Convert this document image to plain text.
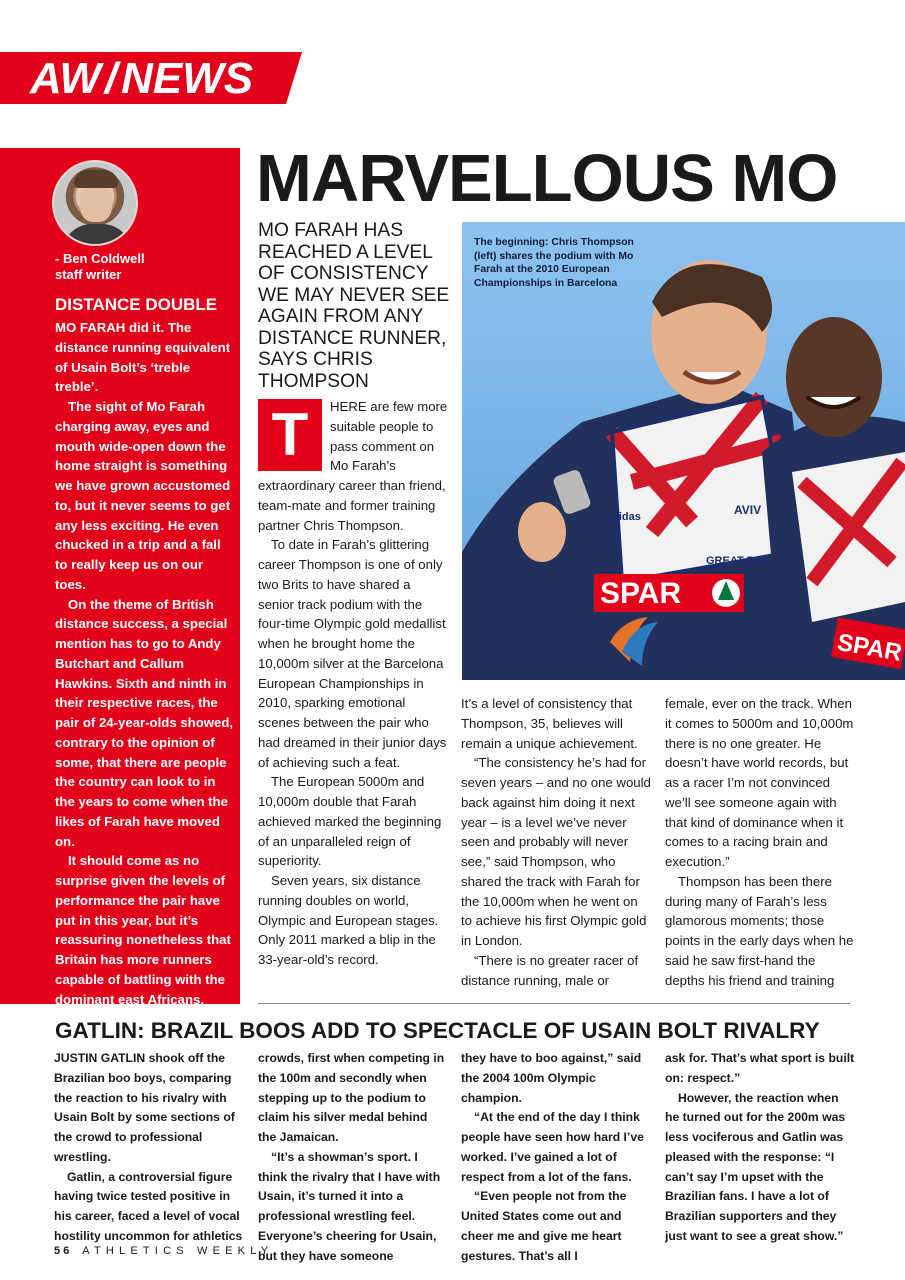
AW/NEWS
- Ben Coldwell
staff writer
DISTANCE DOUBLE

MO FARAH did it. The distance running equivalent of Usain Bolt’s ‘treble treble’.

The sight of Mo Farah charging away, eyes and mouth wide-open down the home straight is something we have grown accustomed to, but it never seems to get any less exciting. He even chucked in a trip and a fall to really keep us on our toes.

On the theme of British distance success, a special mention has to go to Andy Butchart and Callum Hawkins. Sixth and ninth in their respective races, the pair of 24-year-olds showed, contrary to the opinion of some, that there are people the country can look to in the years to come when the likes of Farah have moved on.

It should come as no surprise given the levels of performance the pair have put in this year, but it’s reassuring nonetheless that Britain has more runners capable of battling with the dominant east Africans.

MARVELLOUS MO
MO FARAH HAS REACHED A LEVEL OF CONSISTENCY WE MAY NEVER SEE AGAIN FROM ANY DISTANCE RUNNER, SAYS CHRIS THOMPSON
SPAR
SPAR
EUROPEAN
ATHLETICS
GREAT BRIT
adidas	AVIV
GRI
The beginning: Chris Thompson (left) shares the podium with Mo Farah at the 2010 European Championships in Barcelona

T	HERE are few more suitable people to pass comment on Mo Farah’s extraordinary career than friend, team-mate and former training partner Chris Thompson.

To date in Farah’s glittering career Thompson is one of only two Brits to have shared a senior track podium with the four-time Olympic gold medallist when he brought home the 10,000m silver at the Barcelona European Championships in 2010, sparking emotional scenes between the pair who had dreamed in their junior days of achieving such a feat.

The European 5000m and 10,000m double that Farah achieved marked the beginning of an unparalleled reign of superiority.

Seven years, six distance running doubles on world, Olympic and European stages. Only 2011 marked a blip in the 33-year-old’s record.

It’s a level of consistency that Thompson, 35, believes will remain a unique achievement.

“The consistency he’s had for seven years – and no one would back against him doing it next year – is a level we’ve never seen and probably will never see,” said Thompson, who shared the track with Farah for the 10,000m when he went on to achieve his first Olympic gold in London.

“There is no greater racer of distance running, male or

female, ever on the track. When it comes to 5000m and 10,000m there is no one greater. He doesn’t have world records, but as a racer I’m not convinced we’ll see someone again with that kind of dominance when it comes to a racing brain and execution.”

Thompson has been there during many of Farah’s less glamorous moments; those points in the early days when he said he saw first-hand the depths his friend and training

GATLIN: BRAZIL BOOS ADD TO SPECTACLE OF USAIN BOLT RIVALRY

JUSTIN GATLIN shook off the Brazilian boo boys, comparing the reaction to his rivalry with Usain Bolt by some sections of the crowd to professional wrestling.

Gatlin, a controversial figure having twice tested positive in his career, faced a level of vocal hostility uncommon for athletics

crowds, first when competing in the 100m and secondly when stepping up to the podium to claim his silver medal behind the Jamaican.

“It’s a showman’s sport. I think the rivalry that I have with Usain, it’s turned it into a professional wrestling feel. Everyone’s cheering for Usain, but they have someone

they have to boo against,” said the 2004 100m Olympic champion.

“At the end of the day I think people have seen how hard I’ve worked. I’ve gained a lot of respect from a lot of the fans.

“Even people not from the United States come out and cheer me and give me heart gestures. That’s all I

ask for. That’s what sport is built on: respect.”

However, the reaction when he turned out for the 200m was less vociferous and Gatlin was pleased with the response: “I can’t say I’m upset with the Brazilian fans. I have a lot of Brazilian supporters and they just want to see a great show.”

56 ATHLETICS WEEKLY
